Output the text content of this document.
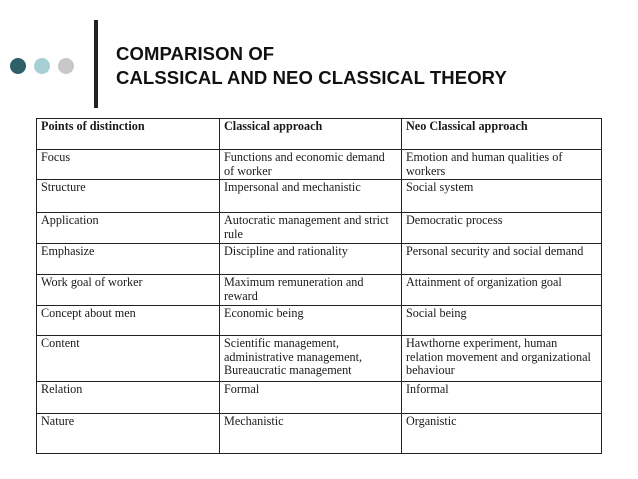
COMPARISON OF
CALSSICAL AND NEO CLASSICAL THEORY
Points of distinction	Classical approach	Neo Classical approach
Focus	Functions and economic demand of worker	Emotion and human qualities of workers
Structure	Impersonal and mechanistic	Social system
Application	Autocratic management and strict rule	Democratic process
Emphasize	Discipline and rationality	Personal security and social demand
Work goal of worker	Maximum remuneration and reward	Attainment of organization goal
Concept about men	Economic being	Social being
Content	Scientific management, administrative management, Bureaucratic management	Hawthorne experiment, human relation movement and organizational behaviour
Relation	Formal	Informal
Nature	Mechanistic	Organistic
